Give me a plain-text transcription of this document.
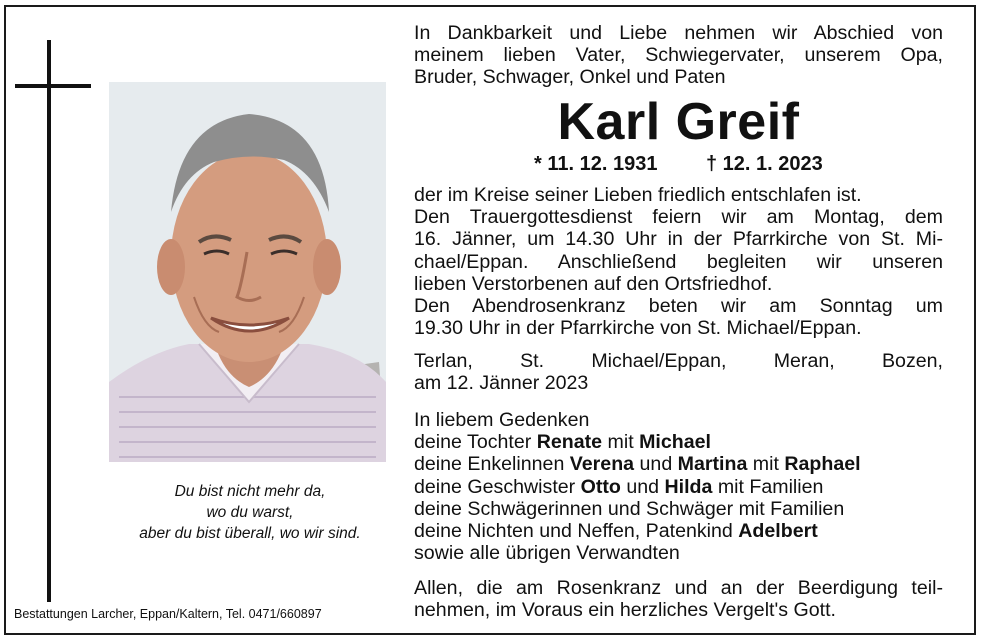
Du bist nicht mehr da,
wo du warst,
aber du bist überall, wo wir sind.
Bestattungen Larcher, Eppan/Kaltern, Tel. 0471/660897
In Dankbarkeit und Liebe nehmen wir Abschied von
meinem lieben Vater, Schwiegervater, unserem Opa,
Bruder, Schwager, Onkel und Paten
Karl Greif
* 11. 12. 1931 † 12. 1. 2023
der im Kreise seiner Lieben friedlich entschlafen ist.
Den Trauergottesdienst feiern wir am Montag, dem
16. Jänner, um 14.30 Uhr in der Pfarrkirche von St. Mi-
chael/Eppan. Anschließend begleiten wir unseren
lieben Verstorbenen auf den Ortsfriedhof.
Den Abendrosenkranz beten wir am Sonntag um
19.30 Uhr in der Pfarrkirche von St. Michael/Eppan.
Terlan, St. Michael/Eppan, Meran, Bozen,
am 12. Jänner 2023
In liebem Gedenken
deine Tochter Renate mit Michael
deine Enkelinnen Verena und Martina mit Raphael
deine Geschwister Otto und Hilda mit Familien
deine Schwägerinnen und Schwäger mit Familien
deine Nichten und Neffen, Patenkind Adelbert
sowie alle übrigen Verwandten
Allen, die am Rosenkranz und an der Beerdigung teil-
nehmen, im Voraus ein herzliches Vergelt's Gott.
